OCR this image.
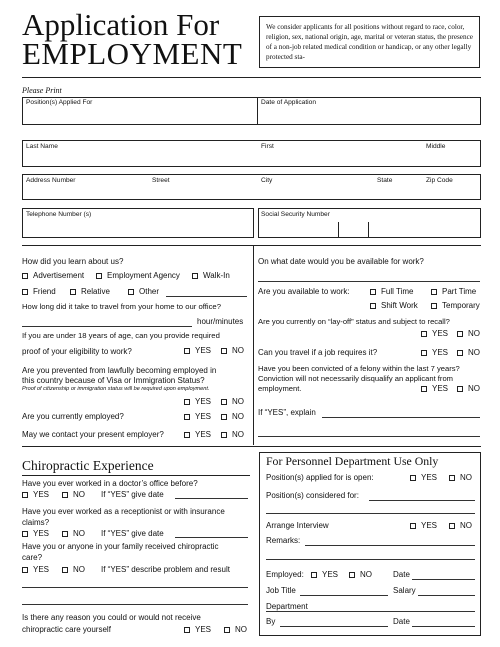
Application For
EMPLOYMENT
We consider applicants for all positions without regard to race, color, religion, sex, national origin, age, marital or veteran status, the presence of a non-job related medical condition or handicap, or any other legally protected sta-
Please Print
Position(s) Applied For	Date of Application
Last Name	First	Middle
Address Number	Street	City	State	Zip Code
Telephone Number (s)	Social Security Number
How did you learn about us?
Advertisement	Employment Agency	Walk-In
Friend	Relative	Other
How long did it take to travel from your home to our office?
hour/minutes
If you are under 18 years of age, can you provide required
proof of your eligibility to work?	YES	NO
Are you prevented from lawfully becoming employed in
this country because of Visa or Immigration Status?
Proof of citizenship or immigration status will be required upon employment.
YES	NO
Are you currently employed?	YES	NO
May we contact your present employer?	YES	NO
On what date would you be available for work?
Are you available to work:	Full Time	Part Time
Shift Work	Temporary
Are you currently on “lay-off” status and subject to recall?
YES NO
Can you travel if a job requires it?	YES NO
Have you been convicted of a felony within the last 7 years?
Conviction will not necessarily disqualify an applicant from
employment.	YES NO
If “YES”, explain
Chiropractic Experience
Have you ever worked in a doctor’s office before?
YES	NO If “YES” give date
Have you ever worked as a receptionist or with insurance
claims?
YES	NO If “YES” give date
Have you or anyone in your family received chiropractic
care?
YES	NO If “YES” describe problem and result
Is there any reason you could or would not receive
chiropractic care yourself	YES	NO
For Personnel Department Use Only
Position(s) applied for is open:	YES	NO
Position(s) considered for:
Arrange Interview	YES	NO
Remarks:
Employed: YES	NO	Date
Job Title	Salary
Department
By	Date
